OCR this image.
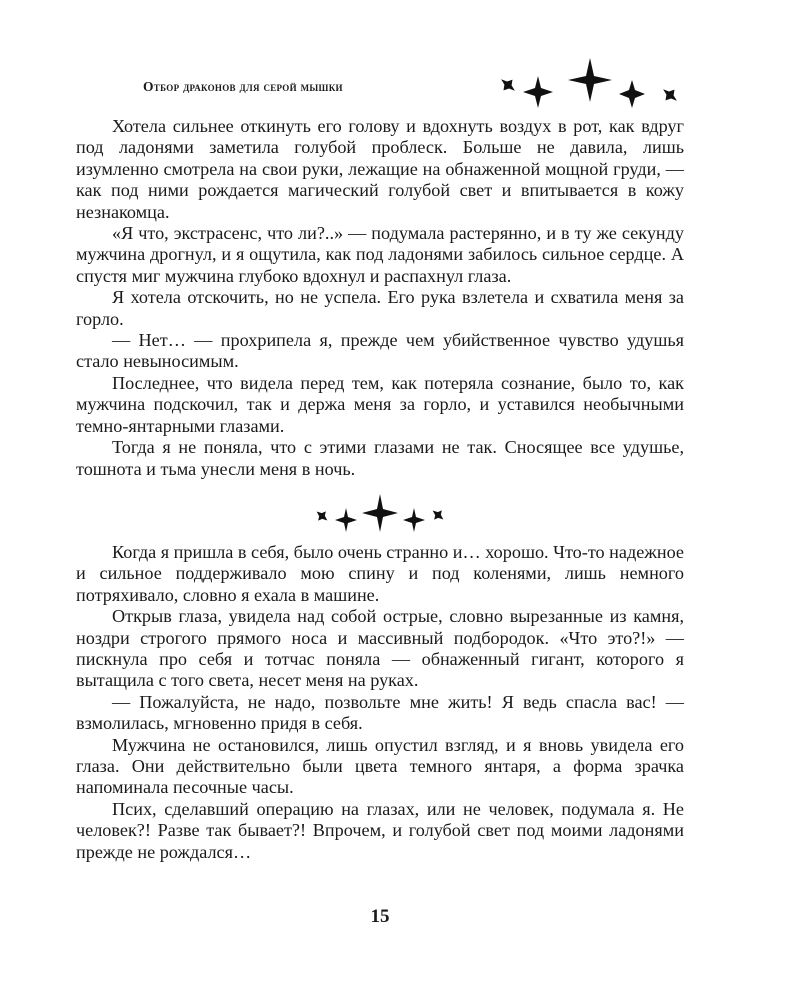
Отбор драконов для серой мышки

Хотела сильнее откинуть его голову и вдохнуть воздух в рот, как вдруг под ладонями заметила голубой проблеск. Больше не давила, лишь изумленно смотрела на свои руки, лежащие на обнаженной мощной груди, — как под ними рождается магический голубой свет и впитывается в кожу незнакомца.

«Я что, экстрасенс, что ли?..» — подумала растерянно, и в ту же секунду мужчина дрогнул, и я ощутила, как под ладонями забилось сильное сердце. А спустя миг мужчина глубоко вдохнул и распахнул глаза.

Я хотела отскочить, но не успела. Его рука взлетела и схватила меня за горло.

— Нет… — прохрипела я, прежде чем убийственное чувство удушья стало невыносимым.

Последнее, что видела перед тем, как потеряла сознание, было то, как мужчина подскочил, так и держа меня за горло, и уставился необычными темно-янтарными глазами.

Тогда я не поняла, что с этими глазами не так. Сносящее все удушье, тошнота и тьма унесли меня в ночь.

Когда я пришла в себя, было очень странно и… хорошо. Что-то надежное и сильное поддерживало мою спину и под коленями, лишь немного потряхивало, словно я ехала в машине.

Открыв глаза, увидела над собой острые, словно вырезанные из камня, ноздри строгого прямого носа и массивный подбородок. «Что это?!» — пискнула про себя и тотчас поняла — обнаженный гигант, которого я вытащила с того света, несет меня на руках.

— Пожалуйста, не надо, позвольте мне жить! Я ведь спасла вас! — взмолилась, мгновенно придя в себя.

Мужчина не остановился, лишь опустил взгляд, и я вновь увидела его глаза. Они действительно были цвета темного янтаря, а форма зрачка напоминала песочные часы.

Псих, сделавший операцию на глазах, или не человек, подумала я. Не человек?! Разве так бывает?! Впрочем, и голубой свет под моими ладонями прежде не рождался…

15
